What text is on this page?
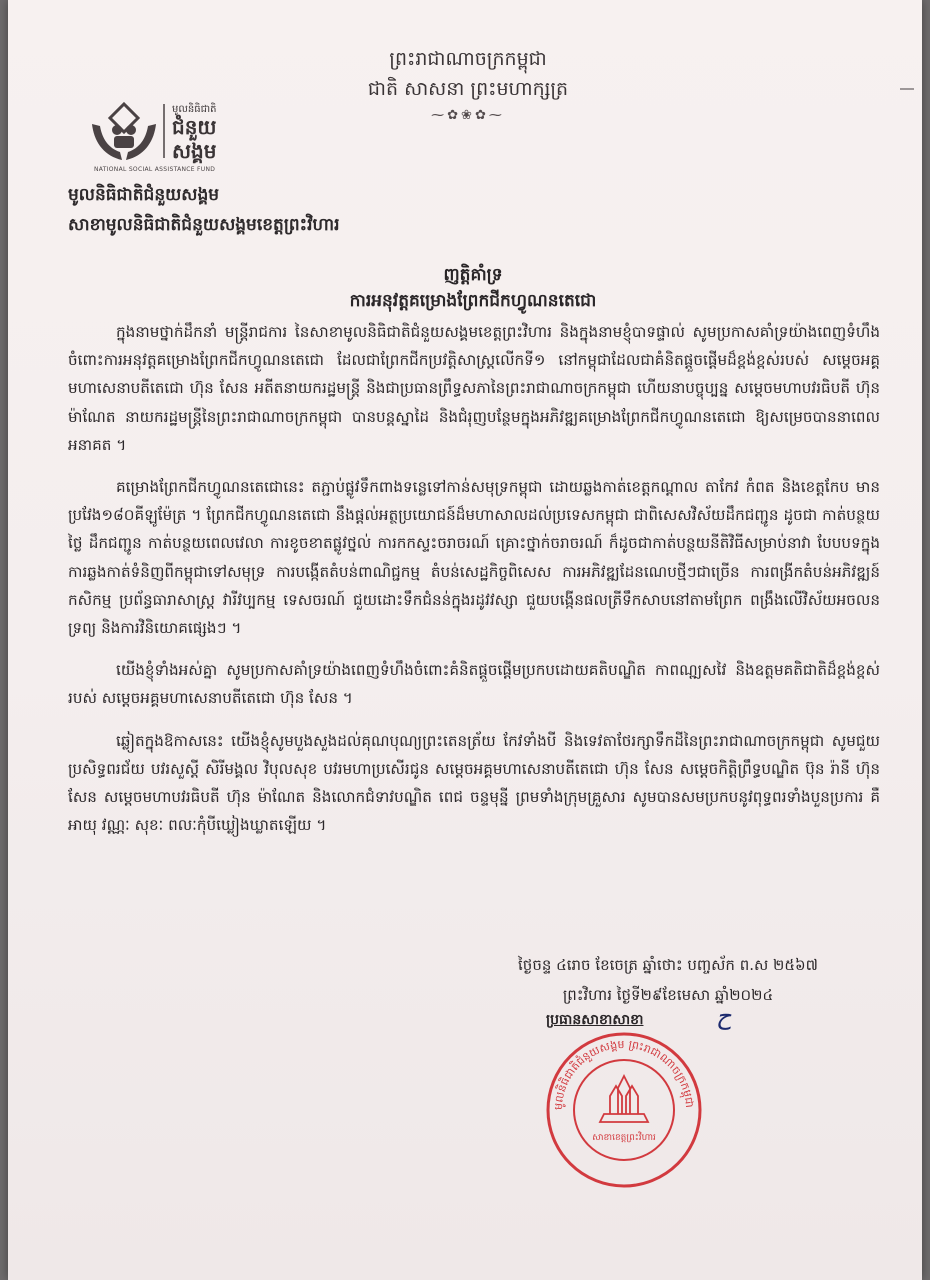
ព្រះរាជាណាចក្រកម្ពុជា
ជាតិ សាសនា ព្រះមហាក្សត្រ
⁓✿❀✿⁓
មូលនិធិជាតិ
ជំនួយ
សង្គម
NATIONAL SOCIAL ASSISTANCE FUND
មូលនិធិជាតិជំនួយសង្គម
សាខាមូលនិធិជាតិជំនួយសង្គមខេត្តព្រះវិហារ
ញត្តិគាំទ្រ
ការអនុវត្តគម្រោងព្រែកជីកហ្វូណនតេជោ

ក្នុងនាមថ្នាក់ដឹកនាំ មន្ត្រីរាជការ នៃសាខាមូលនិធិជាតិជំនួយសង្គមខេត្តព្រះវិហារ និងក្នុងនាមខ្ញុំបាទផ្ទាល់ សូមប្រកាសគាំទ្រយ៉ាងពេញទំហឹង ចំពោះការអនុវត្តគម្រោងព្រែកជីកហ្វូណនតេជោ ដែលជាព្រែកជីកប្រវត្តិសាស្ត្រលើកទី១ នៅកម្ពុជាដែលជាគំនិតផ្តួចផ្តើមដ៏ខ្ពង់ខ្ពស់របស់ សម្តេចអគ្គមហាសេនាបតីតេជោ ហ៊ុន សែន អតីតនាយករដ្ឋមន្ត្រី និងជាប្រធានព្រឹទ្ធសភានៃព្រះរាជាណាចក្រកម្ពុជា ហើយនាបច្ចុប្បន្ន សម្តេចមហាបវរធិបតី ហ៊ុន ម៉ាណែត នាយករដ្ឋមន្ត្រីនៃព្រះរាជាណាចក្រកម្ពុជា បានបន្តស្នាដៃ និងជំរុញបន្ថែមក្នុងអភិវឌ្ឍគម្រោងព្រែកជីកហ្វូណនតេជោ ឱ្យសម្រេចបាននាពេលអនាគត ។

គម្រោងព្រែកជីកហ្វូណនតេជោនេះ តភ្ជាប់ផ្លូវទឹកពាងទន្លេទៅកាន់សមុទ្រកម្ពុជា ដោយឆ្លងកាត់ខេត្តកណ្តាល តាកែវ កំពត និងខេត្តកែប មានប្រវែង១៨០គីឡូម៉ែត្រ ។ ព្រែកជីកហ្វូណនតេជោ នឹងផ្តល់អត្ថប្រយោជន៍ដ៏មហាសាលដល់ប្រទេសកម្ពុជា ជាពិសេសវិស័យដឹកជញ្ជូន ដូចជា កាត់បន្ថយថ្លៃ ដឹកជញ្ជូន កាត់បន្ថយពេលវេលា ការខូចខាតផ្លូវថ្នល់ ការកកស្ទះចរាចរណ៍ គ្រោះថ្នាក់ចរាចរណ៍ ក៏ដូចជាកាត់បន្ថយនីតិវិធីសម្រាប់នាវា បែបបទក្នុងការឆ្លងកាត់ទំនិញពីកម្ពុជាទៅសមុទ្រ ការបង្កើតតំបន់ពាណិជ្ជកម្ម តំបន់សេដ្ឋកិច្ចពិសេស ការអភិវឌ្ឍដែនណេបថ្មីៗជាច្រើន ការពង្រីកតំបន់អភិវឌ្ឍន៍កសិកម្ម ប្រព័ន្ធធារាសាស្ត្រ វារីវប្បកម្ម ទេសចរណ៍ ជួយដោះទឹកជំនន់ក្នុងរដូវវស្សា ជួយបង្កើនផលត្រីទឹកសាបនៅតាមព្រែក ពង្រឹងលើវិស័យអចលនទ្រព្យ និងការវិនិយោគផ្សេងៗ ។

យើងខ្ញុំទាំងអស់គ្នា សូមប្រកាសគាំទ្រយ៉ាងពេញទំហឹងចំពោះគំនិតផ្តួចផ្តើមប្រកបដោយគតិបណ្ឌិត កាពណ្ឍសវៃ និងឧត្តមគតិជាតិដ៏ខ្ពង់ខ្ពស់របស់ សម្តេចអគ្គមហាសេនាបតីតេជោ ហ៊ុន សែន ។

ឆ្លៀតក្នុងឱកាសនេះ យើងខ្ញុំសូមបួងសួងដល់គុណបុណ្យព្រះតេនត្រ័យ កែវទាំងបី និងទេវតាថែរក្សាទឹកដីនៃព្រះរាជាណាចក្រកម្ពុជា សូមជួយប្រសិទ្ធពរជ័យ បវរសួស្តី សិរីមង្គល វិបុលសុខ បវរមហាប្រសើរជូន សម្តេចអគ្គមហាសេនាបតីតេជោ ហ៊ុន សែន សម្តេចកិត្តិព្រឹទ្ធបណ្ឌិត ប៊ុន រ៉ានី ហ៊ុន សែន សម្តេចមហាបវរធិបតី ហ៊ុន ម៉ាណែត និងលោកជំទាវបណ្ឌិត ពេជ ចន្ទមុន្នី ព្រមទាំងក្រុមគ្រួសារ សូមបានសមប្រកបនូវពុទ្ធពរទាំងបួនប្រការ គឺអាយុ វណ្ណៈ សុខៈ ពលៈកុំបីឃ្លៀងឃ្លាតឡើយ ។

ថ្ងៃចន្ទ ៤រោច ខែចេត្រ ឆ្នាំថោះ បញ្ចស័ក ព.ស ២៥៦៧
ព្រះវិហារ ថ្ងៃទី២៩ខែមេសា ឆ្នាំ២០២៤
ប្រធានសាខាសាខា	ح
មូលនិធិជាតិជំនួយសង្គម ព្រះរាជាណាចក្រកម្ពុជា
សាខាខេត្តព្រះវិហារ
